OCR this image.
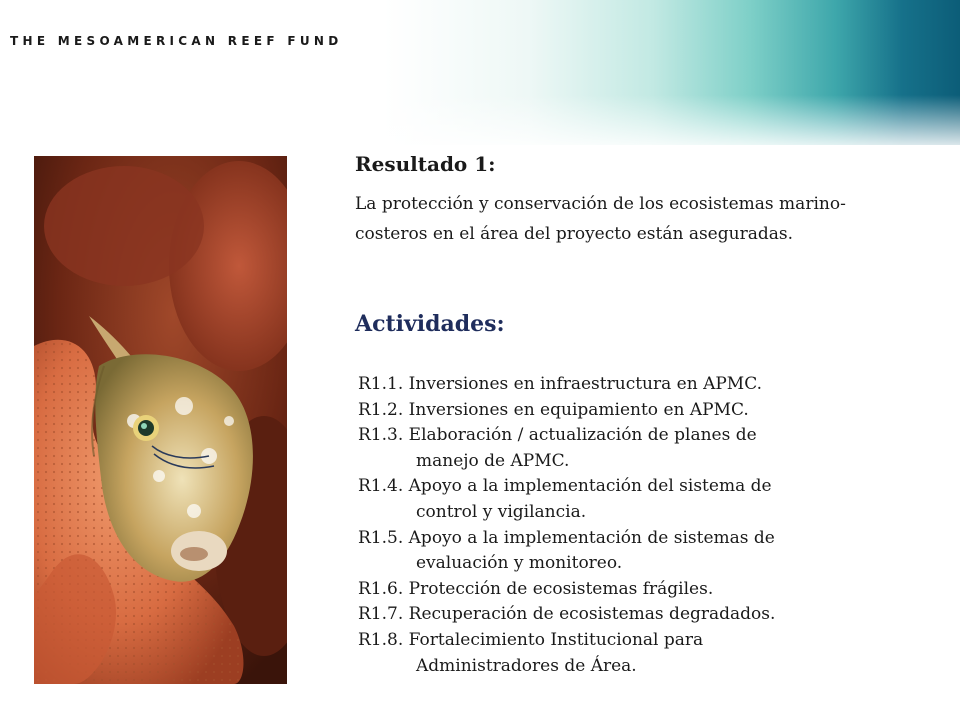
THE MESOAMERICAN REEF FUND
Resultado 1:
La protección y conservación de los ecosistemas marino-costeros en el área del proyecto están aseguradas.
Actividades:
R1.1. Inversiones en infraestructura en APMC.
R1.2. Inversiones en equipamiento en APMC.
R1.3. Elaboración / actualización de planes de
manejo de APMC.
R1.4. Apoyo a la implementación del sistema de
control y vigilancia.
R1.5. Apoyo a la implementación de sistemas de
evaluación y monitoreo.
R1.6. Protección de ecosistemas frágiles.
R1.7. Recuperación de ecosistemas degradados.
R1.8. Fortalecimiento Institucional para
Administradores de Área.
